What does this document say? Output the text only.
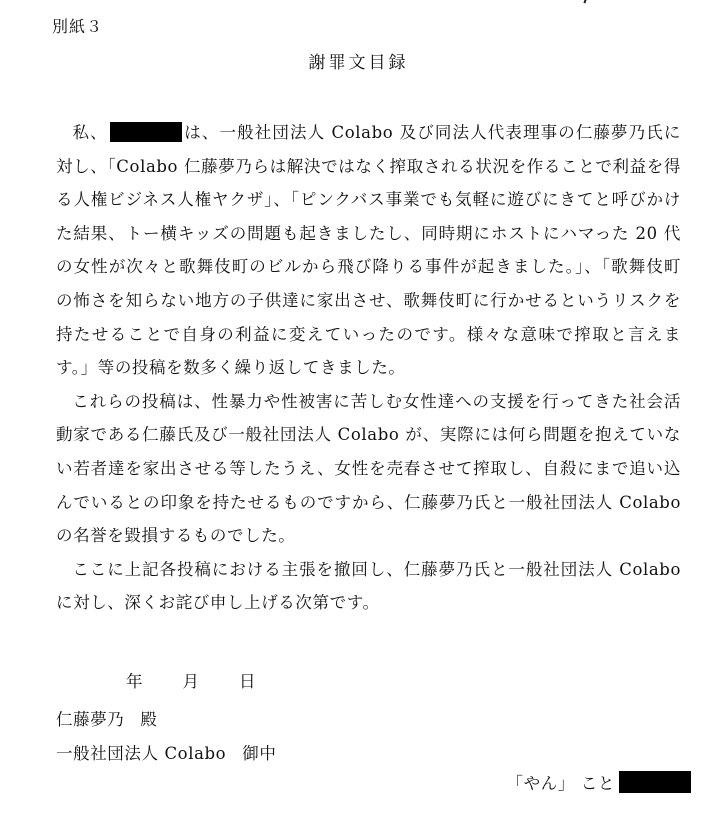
別紙３
謝罪文目録

私、	は、一般社団法人 Colabo 及び同法人代表理事の仁藤夢乃氏に対し、「Colabo 仁藤夢乃らは解決ではなく搾取される状況を作ることで利益を得る人権ビジネス人権ヤクザ」、「ピンクバス事業でも気軽に遊びにきてと呼びかけた結果、トー横キッズの問題も起きましたし、同時期にホストにハマった 20 代の女性が次々と歌舞伎町のビルから飛び降りる事件が起きました。」、「歌舞伎町の怖さを知らない地方の子供達に家出させ、歌舞伎町に行かせるというリスクを持たせることで自身の利益に変えていったのです。様々な意味で搾取と言えます。」等の投稿を数多く繰り返してきました。

これらの投稿は、性暴力や性被害に苦しむ女性達への支援を行ってきた社会活動家である仁藤氏及び一般社団法人 Colabo が、実際には何ら問題を抱えていない若者達を家出させる等したうえ、女性を売春させて搾取し、自殺にまで追い込んでいるとの印象を持たせるものですから、仁藤夢乃氏と一般社団法人 Colabo の名誉を毀損するものでした。

ここに上記各投稿における主張を撤回し、仁藤夢乃氏と一般社団法人 Colabo に対し、深くお詫び申し上げる次第です。

年 月 日
仁藤夢乃 殿
一般社団法人 Colabo 御中
「やん」 こと
